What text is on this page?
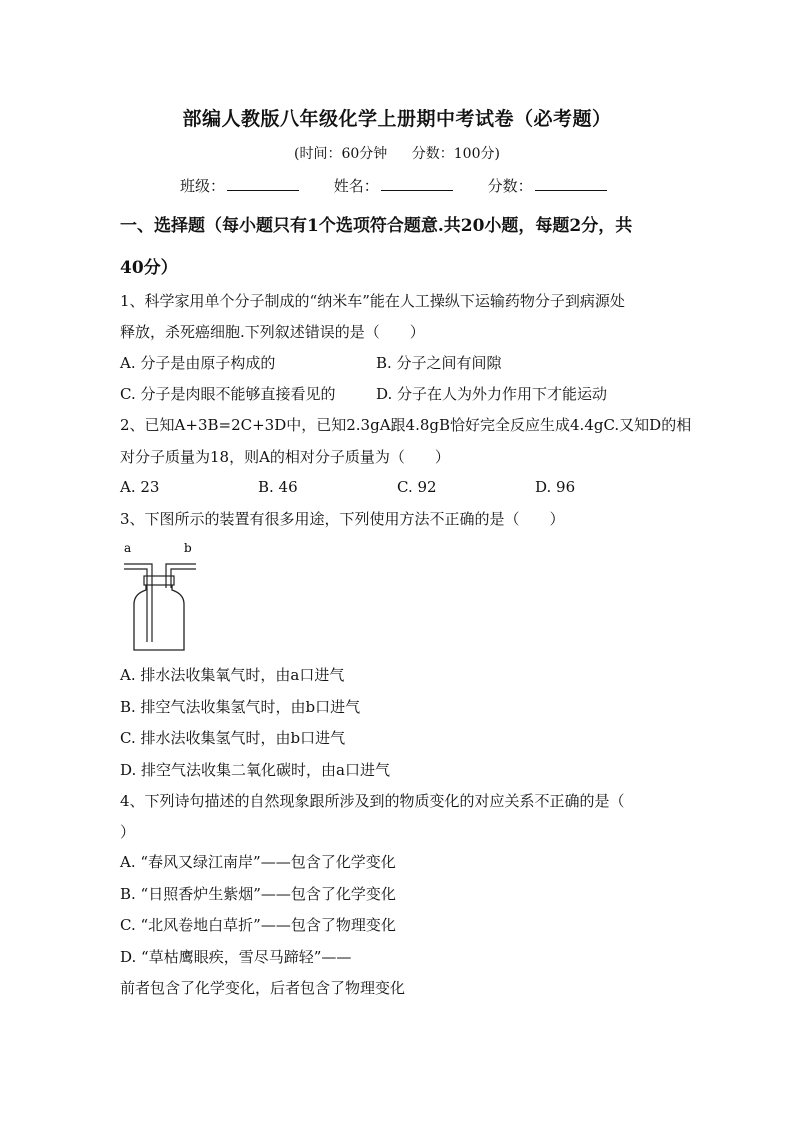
部编人教版八年级化学上册期中考试卷（必考题）
(时间：60分钟 分数：100分)
班级：	姓名：	分数：
一、选择题（每小题只有1个选项符合题意.共20小题，每题2分，共
40分）
1、科学家用单个分子制成的“纳米车”能在人工操纵下运输药物分子到病源处
释放，杀死癌细胞.下列叙述错误的是（　　）
A. 分子是由原子构成的	B. 分子之间有间隙
C. 分子是肉眼不能够直接看见的	D. 分子在人为外力作用下才能运动
2、已知A+3B=2C+3D中，已知2.3gA跟4.8gB恰好完全反应生成4.4gC.又知D的相
对分子质量为18，则A的相对分子质量为（　　）
A. 23	B. 46	C. 92	D. 96
3、下图所示的装置有很多用途，下列使用方法不正确的是（　　）
a	b
A. 排水法收集氧气时，由a口进气
B. 排空气法收集氢气时，由b口进气
C. 排水法收集氢气时，由b口进气
D. 排空气法收集二氧化碳时，由a口进气
4、下列诗句描述的自然现象跟所涉及到的物质变化的对应关系不正确的是（
）
A. “春风又绿江南岸”——包含了化学变化
B. “日照香炉生紫烟”——包含了化学变化
C. “北风卷地白草折”——包含了物理变化
D. “草枯鹰眼疾，雪尽马蹄轻”——
前者包含了化学变化，后者包含了物理变化
